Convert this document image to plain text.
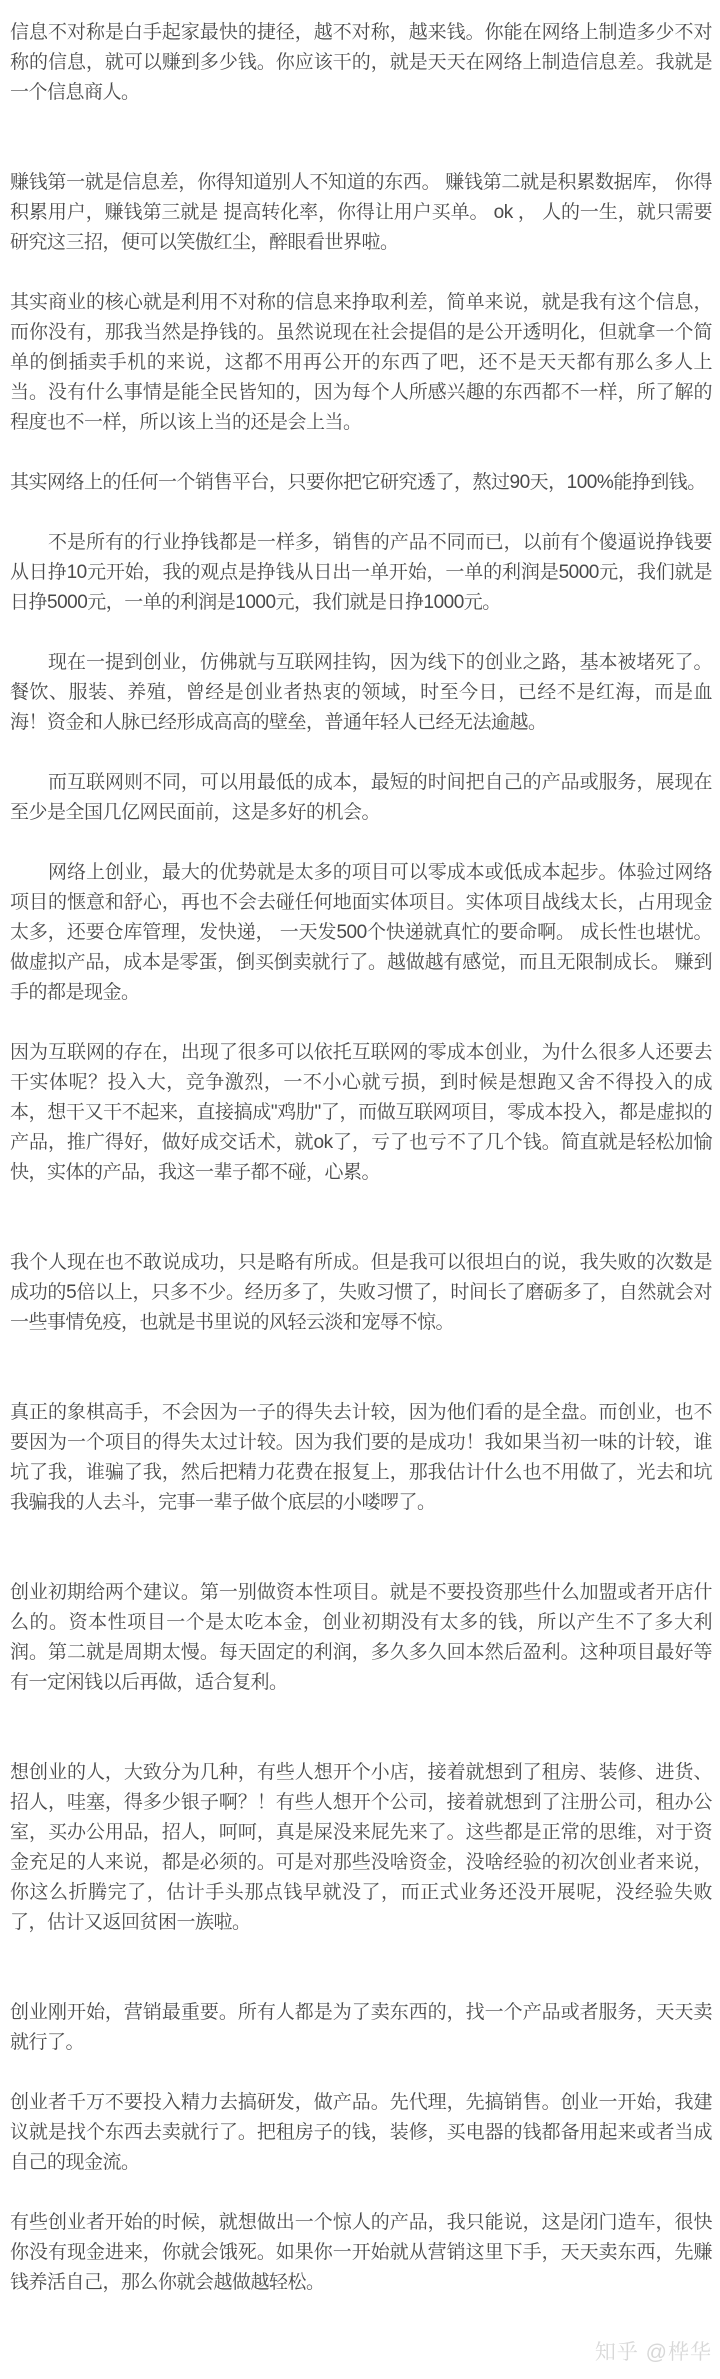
信息不对称是白手起家最快的捷径，越不对称，越来钱。你能在网络上制造多少不对称的信息，就可以赚到多少钱。你应该干的，就是天天在网络上制造信息差。我就是一个信息商人。

赚钱第一就是信息差，你得知道别人不知道的东西。 赚钱第二就是积累数据库， 你得积累用户，赚钱第三就是 提高转化率，你得让用户买单。 ok ， 人的一生，就只需要研究这三招，便可以笑傲红尘，醉眼看世界啦。

其实商业的核心就是利用不对称的信息来挣取利差，简单来说，就是我有这个信息，而你没有，那我当然是挣钱的。虽然说现在社会提倡的是公开透明化，但就拿一个简单的倒插卖手机的来说，这都不用再公开的东西了吧，还不是天天都有那么多人上当。没有什么事情是能全民皆知的，因为每个人所感兴趣的东西都不一样，所了解的程度也不一样，所以该上当的还是会上当。

其实网络上的任何一个销售平台，只要你把它研究透了，熬过90天，100%能挣到钱。

不是所有的行业挣钱都是一样多，销售的产品不同而已，以前有个傻逼说挣钱要从日挣10元开始，我的观点是挣钱从日出一单开始，一单的利润是5000元，我们就是日挣5000元，一单的利润是1000元，我们就是日挣1000元。

现在一提到创业，仿佛就与互联网挂钩，因为线下的创业之路，基本被堵死了。餐饮、服装、养殖，曾经是创业者热衷的领域，时至今日，已经不是红海，而是血海！资金和人脉已经形成高高的壁垒，普通年轻人已经无法逾越。

而互联网则不同，可以用最低的成本，最短的时间把自己的产品或服务，展现在至少是全国几亿网民面前，这是多好的机会。

网络上创业，最大的优势就是太多的项目可以零成本或低成本起步。体验过网络项目的惬意和舒心，再也不会去碰任何地面实体项目。实体项目战线太长，占用现金太多，还要仓库管理，发快递， 一天发500个快递就真忙的要命啊。 成长性也堪忧。 做虚拟产品，成本是零蛋，倒买倒卖就行了。越做越有感觉，而且无限制成长。 赚到手的都是现金。

因为互联网的存在，出现了很多可以依托互联网的零成本创业，为什么很多人还要去干实体呢？投入大，竞争激烈，一不小心就亏损，到时候是想跑又舍不得投入的成本，想干又干不起来，直接搞成"鸡肋"了，而做互联网项目，零成本投入，都是虚拟的产品，推广得好，做好成交话术，就ok了，亏了也亏不了几个钱。简直就是轻松加愉快，实体的产品，我这一辈子都不碰，心累。

我个人现在也不敢说成功，只是略有所成。但是我可以很坦白的说，我失败的次数是成功的5倍以上，只多不少。经历多了，失败习惯了，时间长了磨砺多了，自然就会对一些事情免疫，也就是书里说的风轻云淡和宠辱不惊。

真正的象棋高手，不会因为一子的得失去计较，因为他们看的是全盘。而创业，也不要因为一个项目的得失太过计较。因为我们要的是成功！我如果当初一味的计较，谁坑了我，谁骗了我，然后把精力花费在报复上，那我估计什么也不用做了，光去和坑我骗我的人去斗，完事一辈子做个底层的小喽啰了。

创业初期给两个建议。第一别做资本性项目。就是不要投资那些什么加盟或者开店什么的。资本性项目一个是太吃本金，创业初期没有太多的钱，所以产生不了多大利润。第二就是周期太慢。每天固定的利润，多久多久回本然后盈利。这种项目最好等有一定闲钱以后再做，适合复利。

想创业的人，大致分为几种，有些人想开个小店，接着就想到了租房、装修、进货、招人，哇塞，得多少银子啊？！有些人想开个公司，接着就想到了注册公司，租办公室，买办公用品，招人，呵呵，真是屎没来屁先来了。这些都是正常的思维，对于资金充足的人来说，都是必须的。可是对那些没啥资金，没啥经验的初次创业者来说，你这么折腾完了，估计手头那点钱早就没了，而正式业务还没开展呢，没经验失败了，估计又返回贫困一族啦。

创业刚开始，营销最重要。所有人都是为了卖东西的，找一个产品或者服务，天天卖就行了。

创业者千万不要投入精力去搞研发，做产品。先代理，先搞销售。创业一开始，我建议就是找个东西去卖就行了。把租房子的钱，装修，买电器的钱都备用起来或者当成自己的现金流。

有些创业者开始的时候，就想做出一个惊人的产品，我只能说，这是闭门造车，很快你没有现金进来，你就会饿死。如果你一开始就从营销这里下手，天天卖东西，先赚钱养活自己，那么你就会越做越轻松。

知乎 @桦华
